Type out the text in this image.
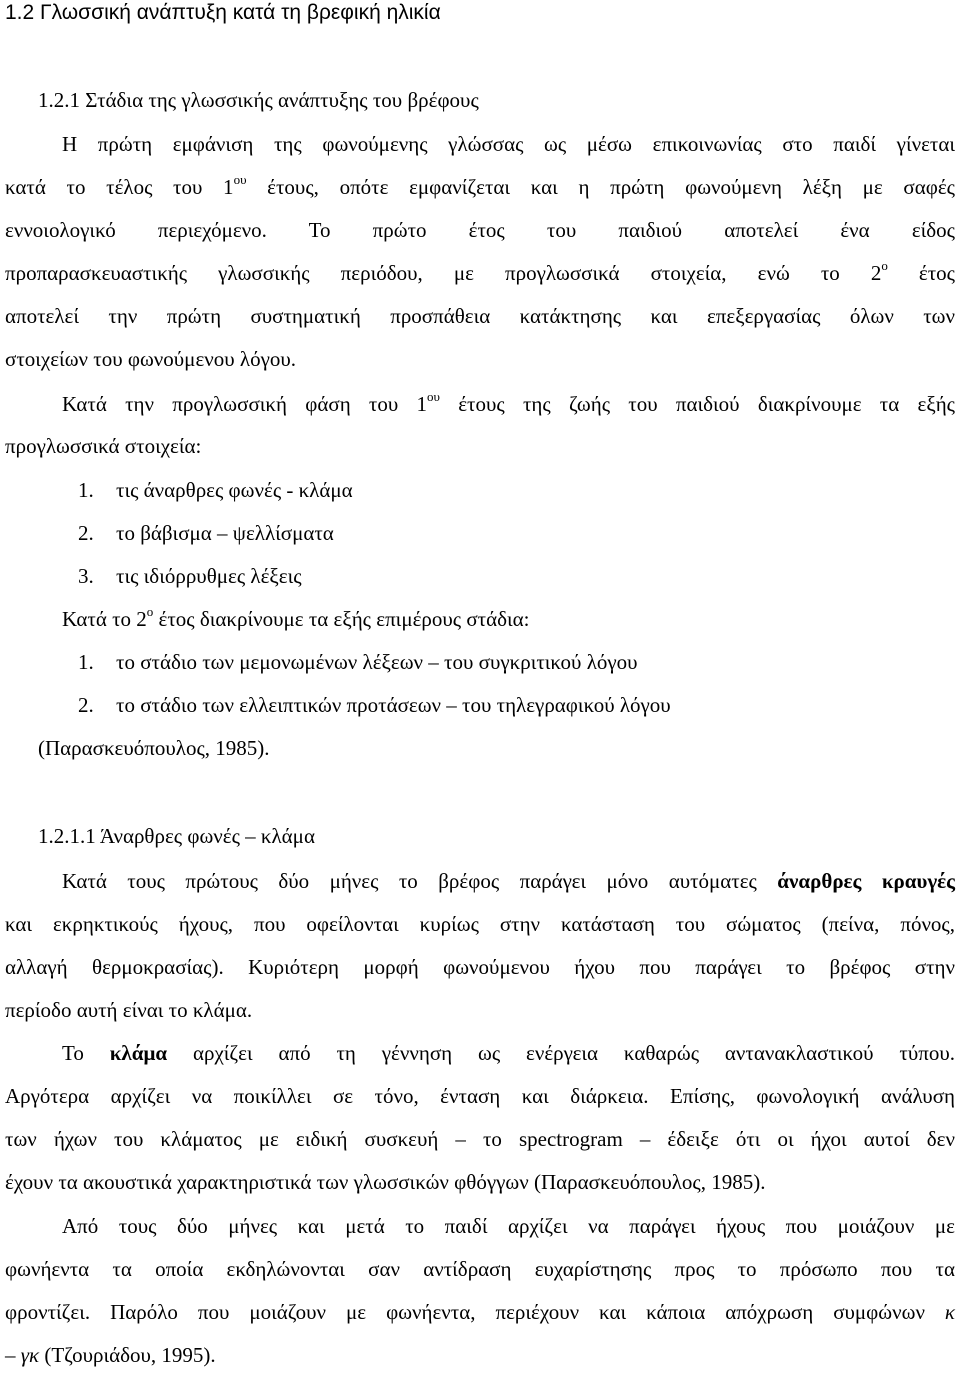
1.2 Γλωσσική ανάπτυξη κατά τη βρεφική ηλικία

1.2.1 Στάδια της γλωσσικής ανάπτυξης του βρέφους

Η πρώτη εμφάνιση της φωνούμενης γλώσσας ως μέσω επικοινωνίας στο παιδί γίνεται

κατά το τέλος του $1^{o\upsilon}$ έτους, οπότε εμφανίζεται και η πρώτη φωνούμενη λέξη με σαφές

εννοιολογικό περιεχόμενο. Το πρώτο έτος του παιδιού αποτελεί ένα είδος

προπαρασκευαστικής γλωσσικής περιόδου, με προγλωσσικά στοιχεία, ενώ το $2^o$ έτος

αποτελεί την πρώτη συστηματική προσπάθεια κατάκτησης και επεξεργασίας όλων των

στοιχείων του φωνούμενου λόγου.

Κατά την προγλωσσική φάση του $1^{o\upsilon}$ έτους της ζωής του παιδιού διακρίνουμε τα εξής

προγλωσσικά στοιχεία:

1. τις άναρθρες φωνές - κλάμα

2. το βάβισμα – ψελλίσματα

3. τις ιδιόρρυθμες λέξεις

Κατά το $2^o$ έτος διακρίνουμε τα εξής επιμέρους στάδια:

1. το στάδιο των μεμονωμένων λέξεων – του συγκριτικού λόγου

2. το στάδιο των ελλειπτικών προτάσεων – του τηλεγραφικού λόγου

(Παρασκευόπουλος, 1985).

1.2.1.1 Άναρθρες φωνές – κλάμα

Κατά τους πρώτους δύο μήνες το βρέφος παράγει μόνο αυτόματες άναρθρες κραυγές

και εκρηκτικούς ήχους, που οφείλονται κυρίως στην κατάσταση του σώματος (πείνα, πόνος,

αλλαγή θερμοκρασίας). Κυριότερη μορφή φωνούμενου ήχου που παράγει το βρέφος στην

περίοδο αυτή είναι το κλάμα.

Το κλάμα αρχίζει από τη γέννηση ως ενέργεια καθαρώς αντανακλαστικού τύπου.

Αργότερα αρχίζει να ποικίλλει σε τόνο, ένταση και διάρκεια. Επίσης, φωνολογική ανάλυση

των ήχων του κλάματος με ειδική συσκευή – το spectrogram – έδειξε ότι οι ήχοι αυτοί δεν

έχουν τα ακουστικά χαρακτηριστικά των γλωσσικών φθόγγων (Παρασκευόπουλος, 1985).

Από τους δύο μήνες και μετά το παιδί αρχίζει να παράγει ήχους που μοιάζουν με

φωνήεντα τα οποία εκδηλώνονται σαν αντίδραση ευχαρίστησης προς το πρόσωπο που τα

φροντίζει. Παρόλο που μοιάζουν με φωνήεντα, περιέχουν και κάποια απόχρωση συμφώνων κ

– γκ (Τζουριάδου, 1995).
